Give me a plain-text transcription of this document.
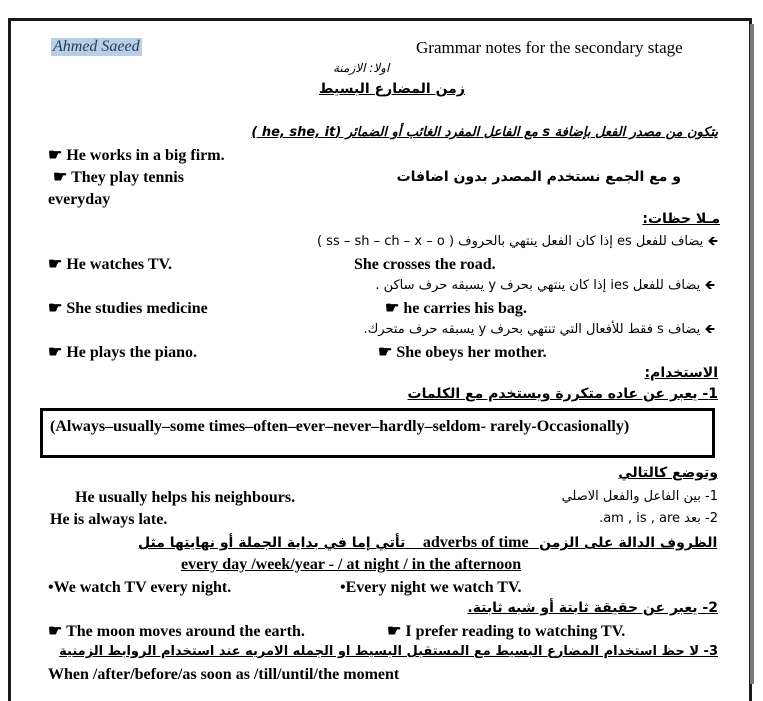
Ahmed Saeed	Grammar notes for the secondary stage
اولا: الازمنة
زمن المضارع البسيط
يتكون من مصدر الفعل بإضافة s مع الفاعل المفرد الغائب أو الضمائر (he, she, it )
☛ He works in a big firm.
☛ They play tennis
everyday
و مع الجمع نستخدم المصدر بدون اضافات
مـلا حظات:
🡸 يضاف للفعل es إذا كان الفعل ينتهي بالحروف ( ss – sh – ch – x – o )
☛ He watches TV.	She crosses the road.
🡸 يضاف للفعل ies إذا كان ينتهي بحرف y يسبقه حرف ساكن .
☛ She studies medicine	☛ he carries his bag.
🡸 يضاف s فقط للأفعال التي تنتهي بحرف y يسبقه حرف متحرك.
☛ He plays the piano.	☛ She obeys her mother.
الاستخدام:
1- يعبر عن عاده متكررة ويستخدم مع الكلمات
(Always–usually–some times–often–ever–never–hardly–seldom- rarely-Occasionally)
وتوضع كالتالي
He usually helps his neighbours.	1- بين الفاعل والفعل الاصلي
He is always late.	2- بعد am , is , are.
تأتي إما في بداية الجملة أو نهايتها مثل adverbs of time الظروف الدالة على الزمن
every day /week/year - / at night / in the afternoon
•We watch TV every night.	•Every night we watch TV.
2- يعبر عن حقيقة ثابتة أو شبه ثابتة.
☛ The moon moves around the earth.	☛ I prefer reading to watching TV.
3- لا حظ استخدام المضارع البسيط مع المستقبل البسيط او الجمله الامريه عند استخدام الروابط الزمنية
When /after/before/as soon as /till/until/the moment
